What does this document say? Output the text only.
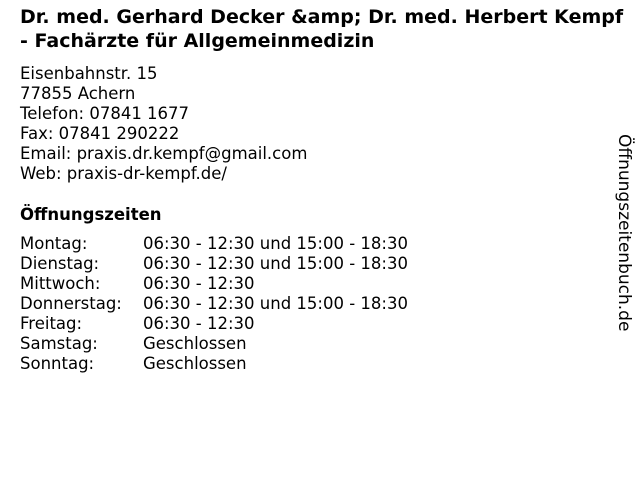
Dr. med. Gerhard Decker &amp; Dr. med. Herbert Kempf - Fachärzte für Allgemeinmedizin
Eisenbahnstr. 15
77855 Achern
Telefon: 07841 1677
Fax: 07841 290222
Email: praxis.dr.kempf@gmail.com
Web: praxis-dr-kempf.de/
Öffnungszeiten
Montag:	06:30 - 12:30 und 15:00 - 18:30
Dienstag:	06:30 - 12:30 und 15:00 - 18:30
Mittwoch:	06:30 - 12:30
Donnerstag:	06:30 - 12:30 und 15:00 - 18:30
Freitag:	06:30 - 12:30
Samstag:	Geschlossen
Sonntag:	Geschlossen
Öffnungszeitenbuch.de
